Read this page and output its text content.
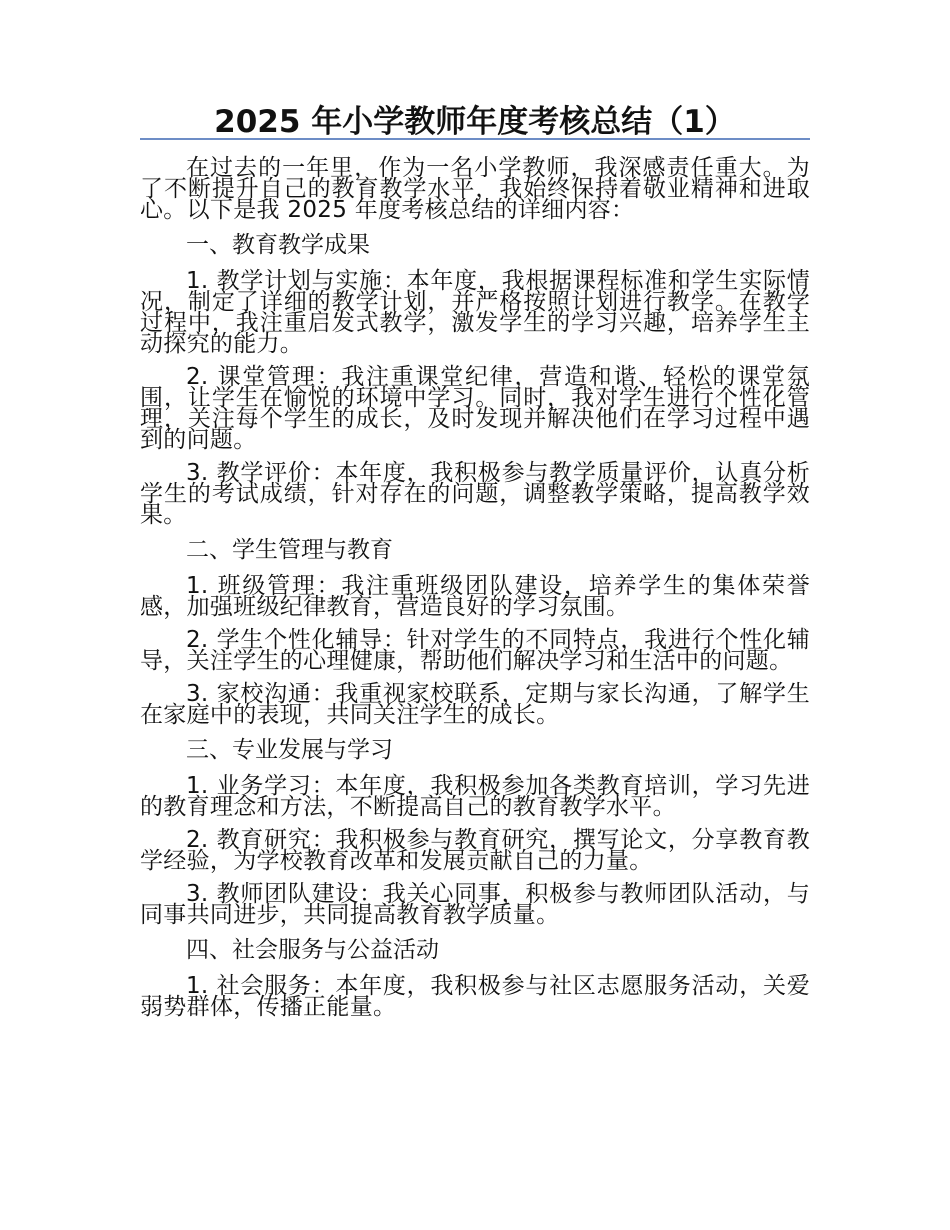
2025 年小学教师年度考核总结（1）

在过去的一年里，作为一名小学教师，我深感责任重大。为了不断提升自己的教育教学水平，我始终保持着敬业精神和进取心。以下是我 2025 年度考核总结的详细内容：

一、教育教学成果

1. 教学计划与实施：本年度，我根据课程标准和学生实际情况，制定了详细的教学计划，并严格按照计划进行教学。在教学过程中，我注重启发式教学，激发学生的学习兴趣，培养学生主动探究的能力。

2. 课堂管理：我注重课堂纪律，营造和谐、轻松的课堂氛围，让学生在愉悦的环境中学习。同时，我对学生进行个性化管理，关注每个学生的成长，及时发现并解决他们在学习过程中遇到的问题。

3. 教学评价：本年度，我积极参与教学质量评价，认真分析学生的考试成绩，针对存在的问题，调整教学策略，提高教学效果。

二、学生管理与教育

1. 班级管理：我注重班级团队建设，培养学生的集体荣誉感，加强班级纪律教育，营造良好的学习氛围。

2. 学生个性化辅导：针对学生的不同特点，我进行个性化辅导，关注学生的心理健康，帮助他们解决学习和生活中的问题。

3. 家校沟通：我重视家校联系，定期与家长沟通，了解学生在家庭中的表现，共同关注学生的成长。

三、专业发展与学习

1. 业务学习：本年度，我积极参加各类教育培训，学习先进的教育理念和方法，不断提高自己的教育教学水平。

2. 教育研究：我积极参与教育研究，撰写论文，分享教育教学经验，为学校教育改革和发展贡献自己的力量。

3. 教师团队建设：我关心同事，积极参与教师团队活动，与同事共同进步，共同提高教育教学质量。

四、社会服务与公益活动

1. 社会服务：本年度，我积极参与社区志愿服务活动，关爱弱势群体，传播正能量。
